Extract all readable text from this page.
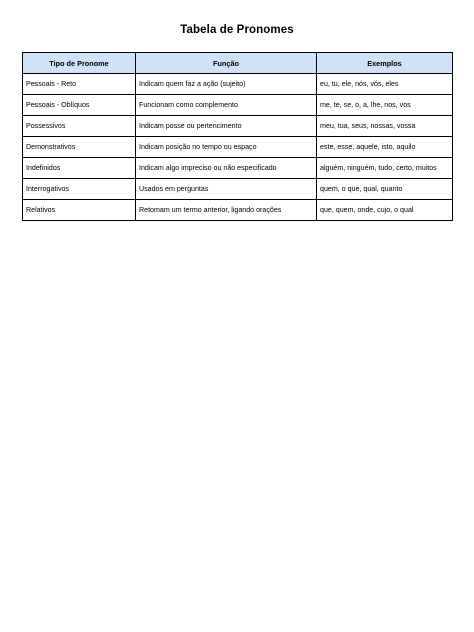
Tabela de Pronomes
Tipo de Pronome	Função	Exemplos
Pessoais - Reto	Indicam quem faz a ação (sujeito)	eu, tu, ele, nós, vós, eles
Pessoais - Oblíquos	Funcionam como complemento	me, te, se, o, a, lhe, nos, vos
Possessivos	Indicam posse ou pertencimento	meu, tua, seus, nossas, vossa
Demonstrativos	Indicam posição no tempo ou espaço	este, esse, aquele, isto, aquilo
Indefinidos	Indicam algo impreciso ou não especificado	alguém, ninguém, tudo, certo, muitos
Interrogativos	Usados em perguntas	quem, o que, qual, quanto
Relativos	Retomam um termo anterior, ligando orações	que, quem, onde, cujo, o qual
